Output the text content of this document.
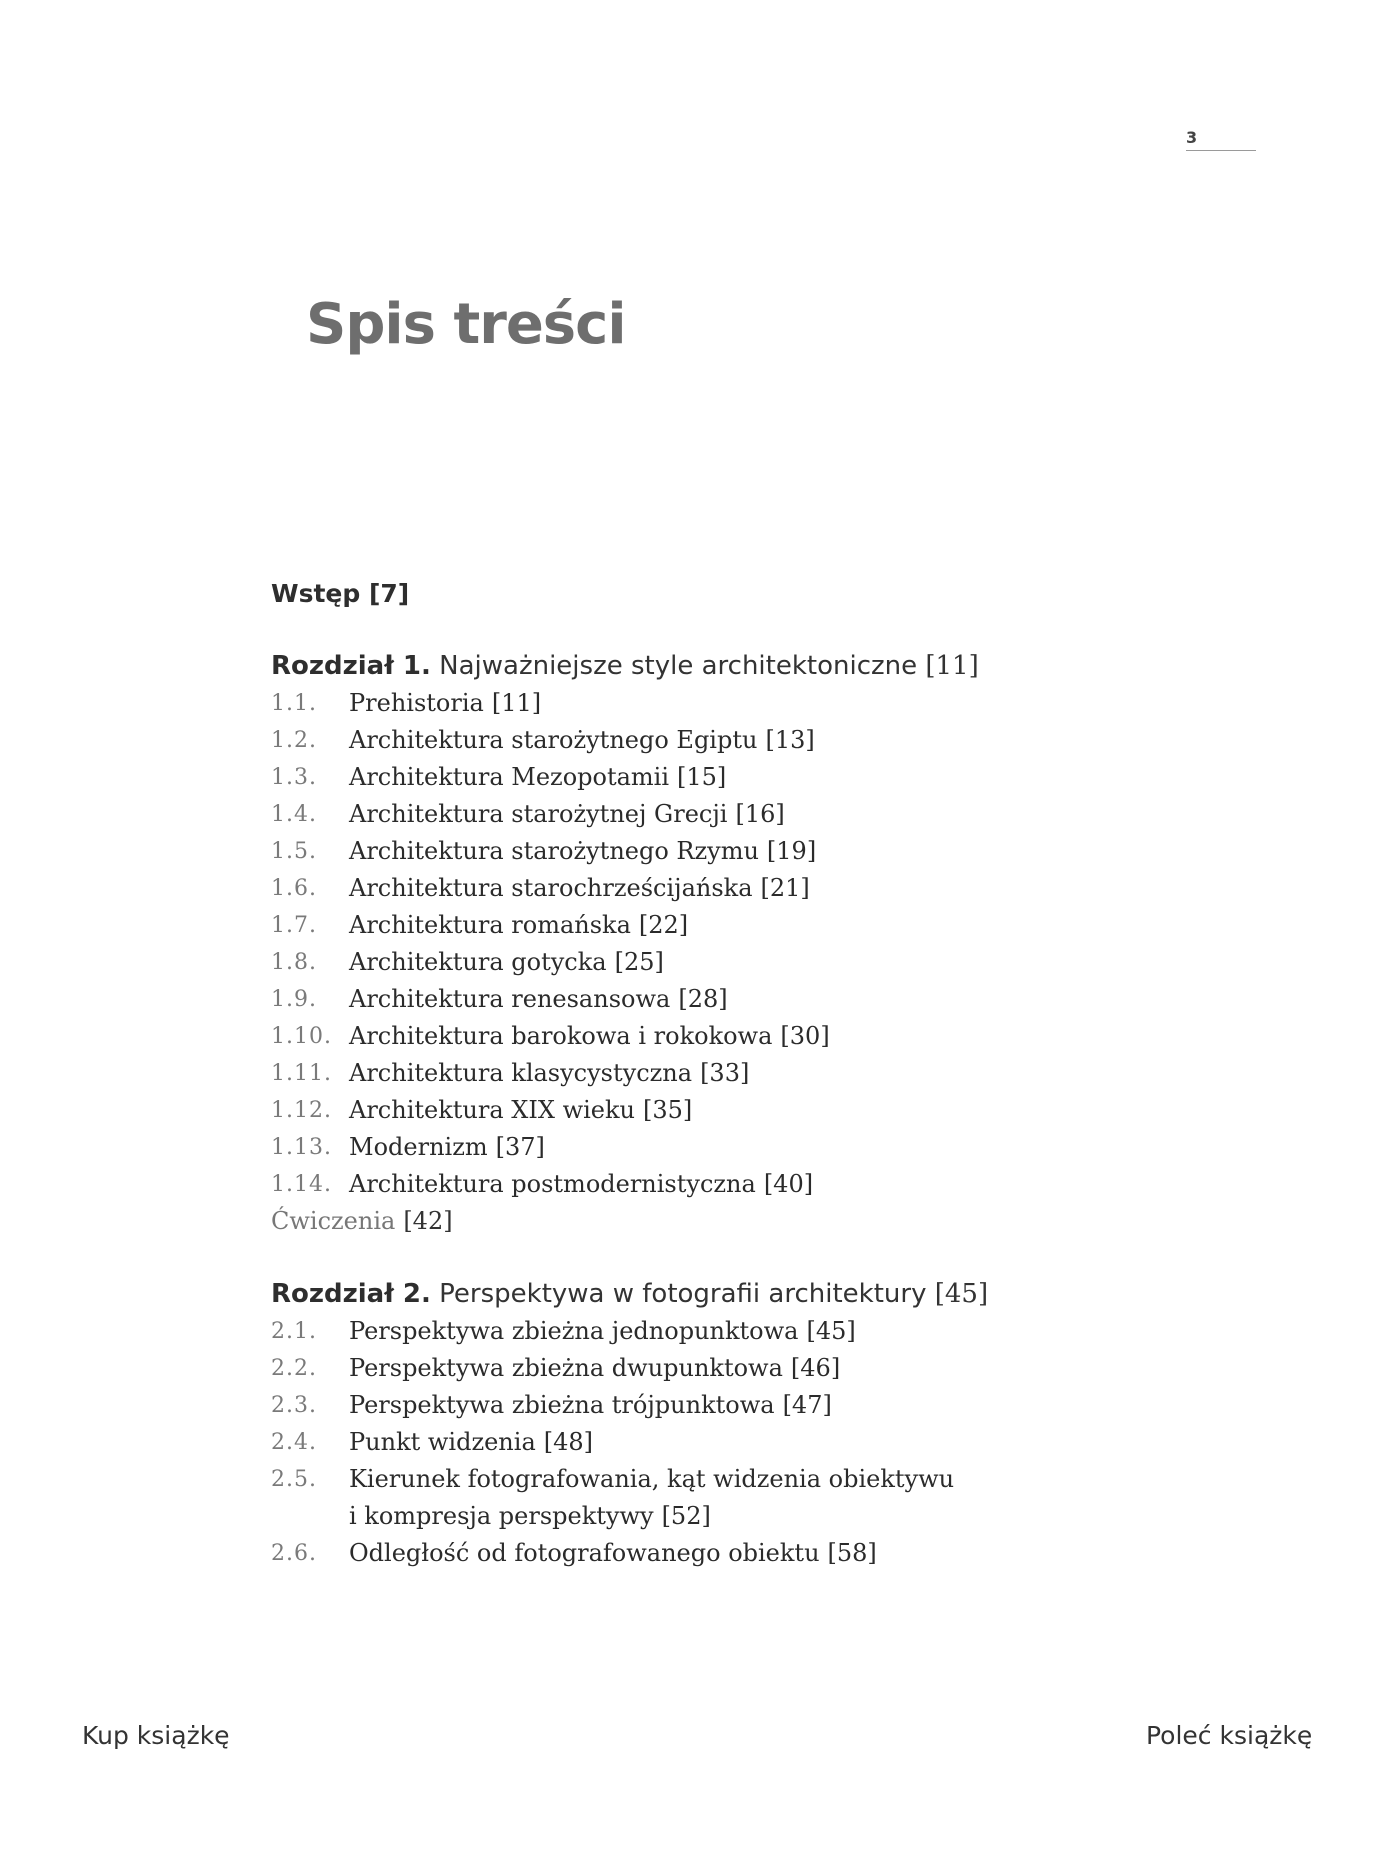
3
Spis treści
Wstęp [7]
Rozdział 1. Najważniejsze style architektoniczne [11]
1.1. Prehistoria [11]
1.2. Architektura starożytnego Egiptu [13]
1.3. Architektura Mezopotamii [15]
1.4. Architektura starożytnej Grecji [16]
1.5. Architektura starożytnego Rzymu [19]
1.6. Architektura starochrześcijańska [21]
1.7. Architektura romańska [22]
1.8. Architektura gotycka [25]
1.9. Architektura renesansowa [28]
1.10. Architektura barokowa i rokokowa [30]
1.11. Architektura klasycystyczna [33]
1.12. Architektura XIX wieku [35]
1.13. Modernizm [37]
1.14. Architektura postmodernistyczna [40]
Ćwiczenia [42]
Rozdział 2. Perspektywa w fotografii architektury [45]
2.1. Perspektywa zbieżna jednopunktowa [45]
2.2. Perspektywa zbieżna dwupunktowa [46]
2.3. Perspektywa zbieżna trójpunktowa [47]
2.4. Punkt widzenia [48]
2.5. Kierunek fotografowania, kąt widzenia obiektywu
i kompresja perspektywy [52]
2.6. Odległość od fotografowanego obiektu [58]
Kup książkę	Poleć książkę
